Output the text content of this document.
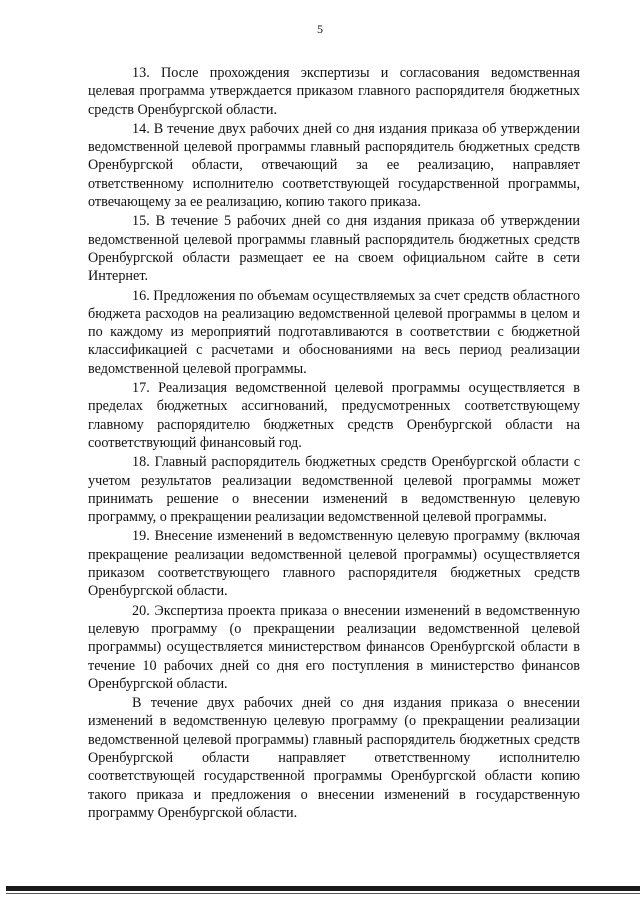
5

13. После прохождения экспертизы и согласования ведомственная целевая программа утверждается приказом главного распорядителя бюджетных средств Оренбургской области.

14. В течение двух рабочих дней со дня издания приказа об утверждении ведомственной целевой программы главный распорядитель бюджетных средств Оренбургской области, отвечающий за ее реализацию, направляет ответственному исполнителю соответствующей государственной программы, отвечающему за ее реализацию, копию такого приказа.

15. В течение 5 рабочих дней со дня издания приказа об утверждении ведомственной целевой программы главный распорядитель бюджетных средств Оренбургской области размещает ее на своем официальном сайте в сети Интернет.

16. Предложения по объемам осуществляемых за счет средств областного бюджета расходов на реализацию ведомственной целевой программы в целом и по каждому из мероприятий подготавливаются в соответствии с бюджетной классификацией с расчетами и обоснованиями на весь период реализации ведомственной целевой программы.

17. Реализация ведомственной целевой программы осуществляется в пределах бюджетных ассигнований, предусмотренных соответствующему главному распорядителю бюджетных средств Оренбургской области на соответствующий финансовый год.

18. Главный распорядитель бюджетных средств Оренбургской области с учетом результатов реализации ведомственной целевой программы может принимать решение о внесении изменений в ведомственную целевую программу, о прекращении реализации ведомственной целевой программы.

19. Внесение изменений в ведомственную целевую программу (включая прекращение реализации ведомственной целевой программы) осуществляется приказом соответствующего главного распорядителя бюджетных средств Оренбургской области.

20. Экспертиза проекта приказа о внесении изменений в ведомственную целевую программу (о прекращении реализации ведомственной целевой программы) осуществляется министерством финансов Оренбургской области в течение 10 рабочих дней со дня его поступления в министерство финансов Оренбургской области.

В течение двух рабочих дней со дня издания приказа о внесении изменений в ведомственную целевую программу (о прекращении реализации ведомственной целевой программы) главный распорядитель бюджетных средств Оренбургской области направляет ответственному исполнителю соответствующей государственной программы Оренбургской области копию такого приказа и предложения о внесении изменений в государственную программу Оренбургской области.
